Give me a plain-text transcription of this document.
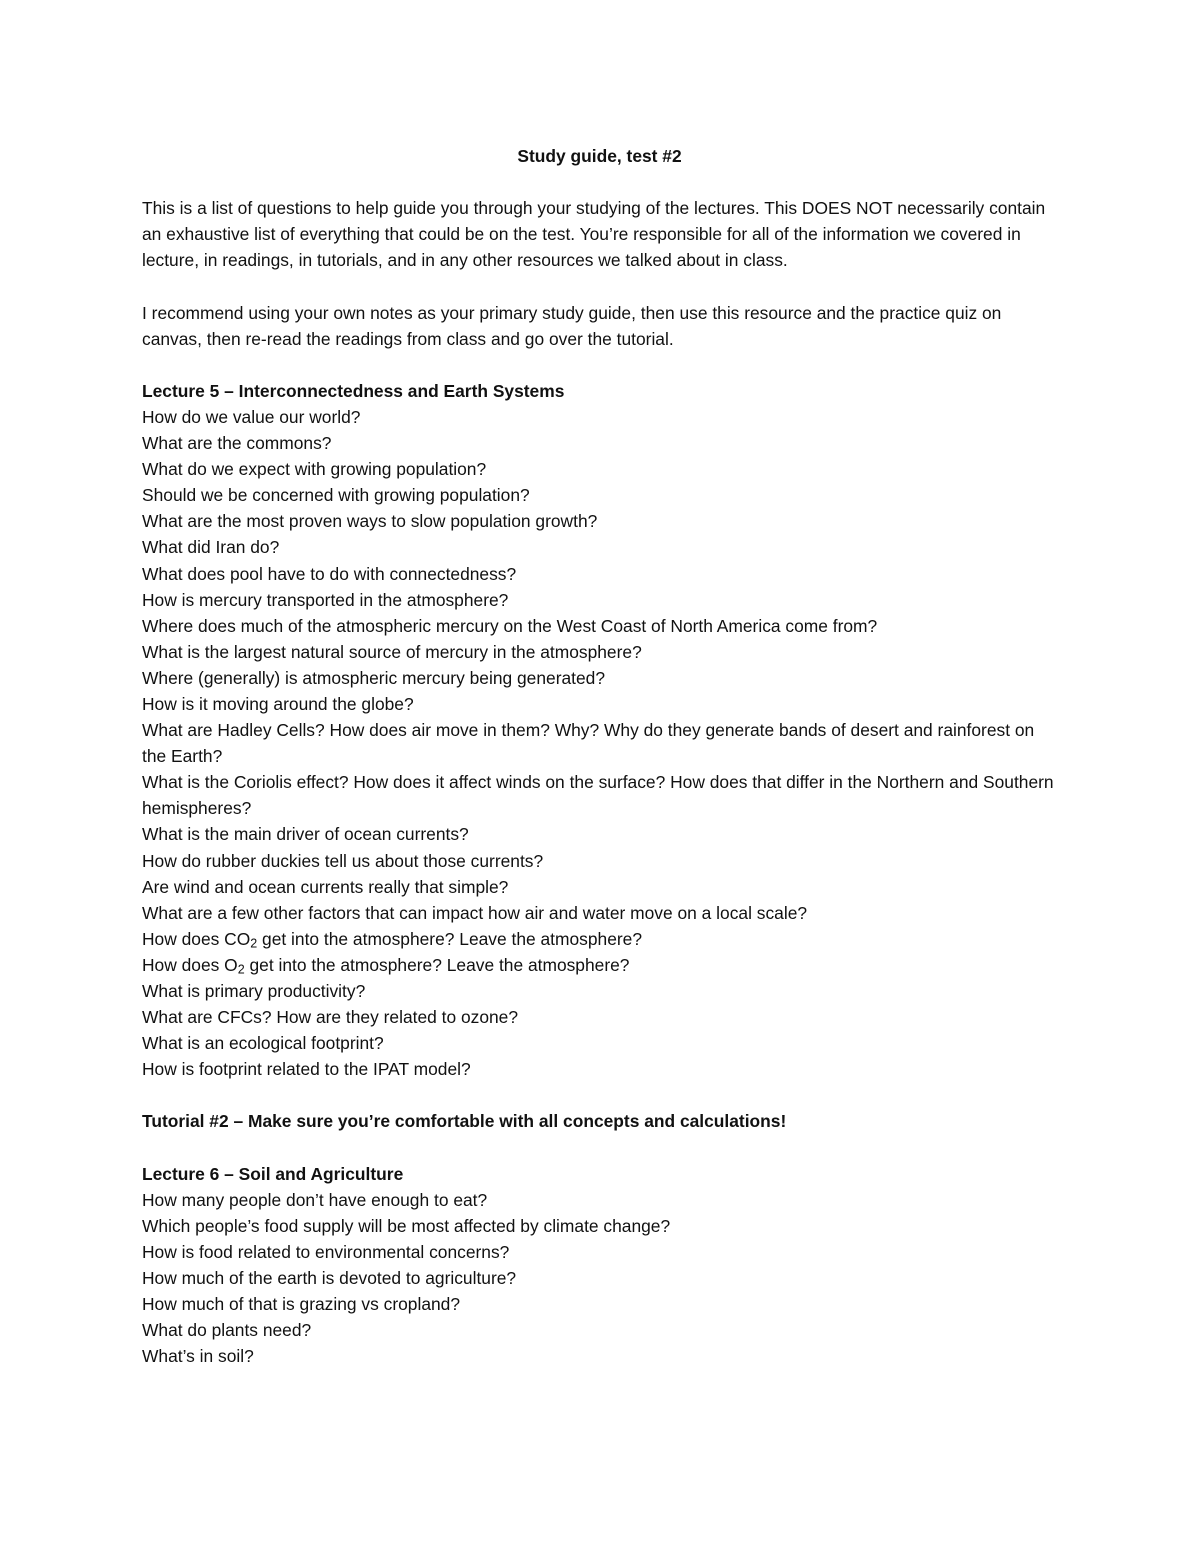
Study guide, test #2

This is a list of questions to help guide you through your studying of the lectures. This DOES NOT necessarily contain an exhaustive list of everything that could be on the test. You’re responsible for all of the information we covered in lecture, in readings, in tutorials, and in any other resources we talked about in class.

I recommend using your own notes as your primary study guide, then use this resource and the practice quiz on canvas, then re-read the readings from class and go over the tutorial.

Lecture 5 – Interconnectedness and Earth Systems

How do we value our world?

What are the commons?

What do we expect with growing population?

Should we be concerned with growing population?

What are the most proven ways to slow population growth?

What did Iran do?

What does pool have to do with connectedness?

How is mercury transported in the atmosphere?

Where does much of the atmospheric mercury on the West Coast of North America come from?

What is the largest natural source of mercury in the atmosphere?

Where (generally) is atmospheric mercury being generated?

How is it moving around the globe?

What are Hadley Cells? How does air move in them? Why? Why do they generate bands of desert and rainforest on the Earth?

What is the Coriolis effect? How does it affect winds on the surface? How does that differ in the Northern and Southern hemispheres?

What is the main driver of ocean currents?

How do rubber duckies tell us about those currents?

Are wind and ocean currents really that simple?

What are a few other factors that can impact how air and water move on a local scale?

How does $CO_2$ get into the atmosphere? Leave the atmosphere?

How does $O_2$ get into the atmosphere? Leave the atmosphere?

What is primary productivity?

What are CFCs? How are they related to ozone?

What is an ecological footprint?

How is footprint related to the IPAT model?

Tutorial #2 – Make sure you’re comfortable with all concepts and calculations!

Lecture 6 – Soil and Agriculture

How many people don’t have enough to eat?

Which people’s food supply will be most affected by climate change?

How is food related to environmental concerns?

How much of the earth is devoted to agriculture?

How much of that is grazing vs cropland?

What do plants need?

What’s in soil?
